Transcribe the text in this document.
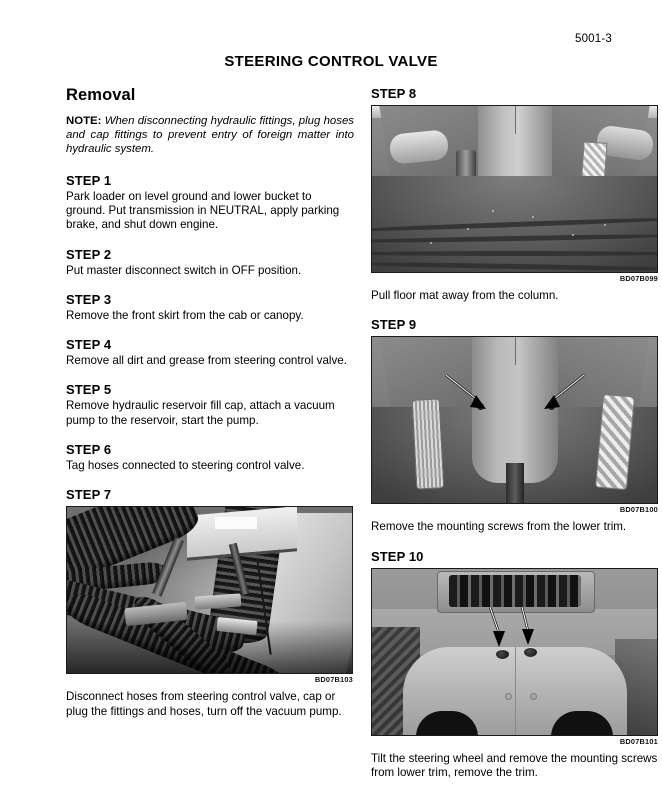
5001-3
STEERING CONTROL VALVE
Removal

NOTE: When disconnecting hydraulic fittings, plug hoses and cap fittings to prevent entry of foreign matter into hydraulic system.

STEP 1

Park loader on level ground and lower bucket to ground. Put transmission in NEUTRAL, apply parking brake, and shut down engine.

STEP 2

Put master disconnect switch in OFF position.

STEP 3

Remove the front skirt from the cab or canopy.

STEP 4

Remove all dirt and grease from steering control valve.

STEP 5

Remove hydraulic reservoir fill cap, attach a vacuum pump to the reservoir, start the pump.

STEP 6

Tag hoses connected to steering control valve.

STEP 7
BD07B103

Disconnect hoses from steering control valve, cap or plug the fittings and hoses, turn off the vacuum pump.

STEP 8
BD07B099

Pull floor mat away from the column.

STEP 9
BD07B100

Remove the mounting screws from the lower trim.

STEP 10
BD07B101

Tilt the steering wheel and remove the mounting screws from lower trim, remove the trim.
